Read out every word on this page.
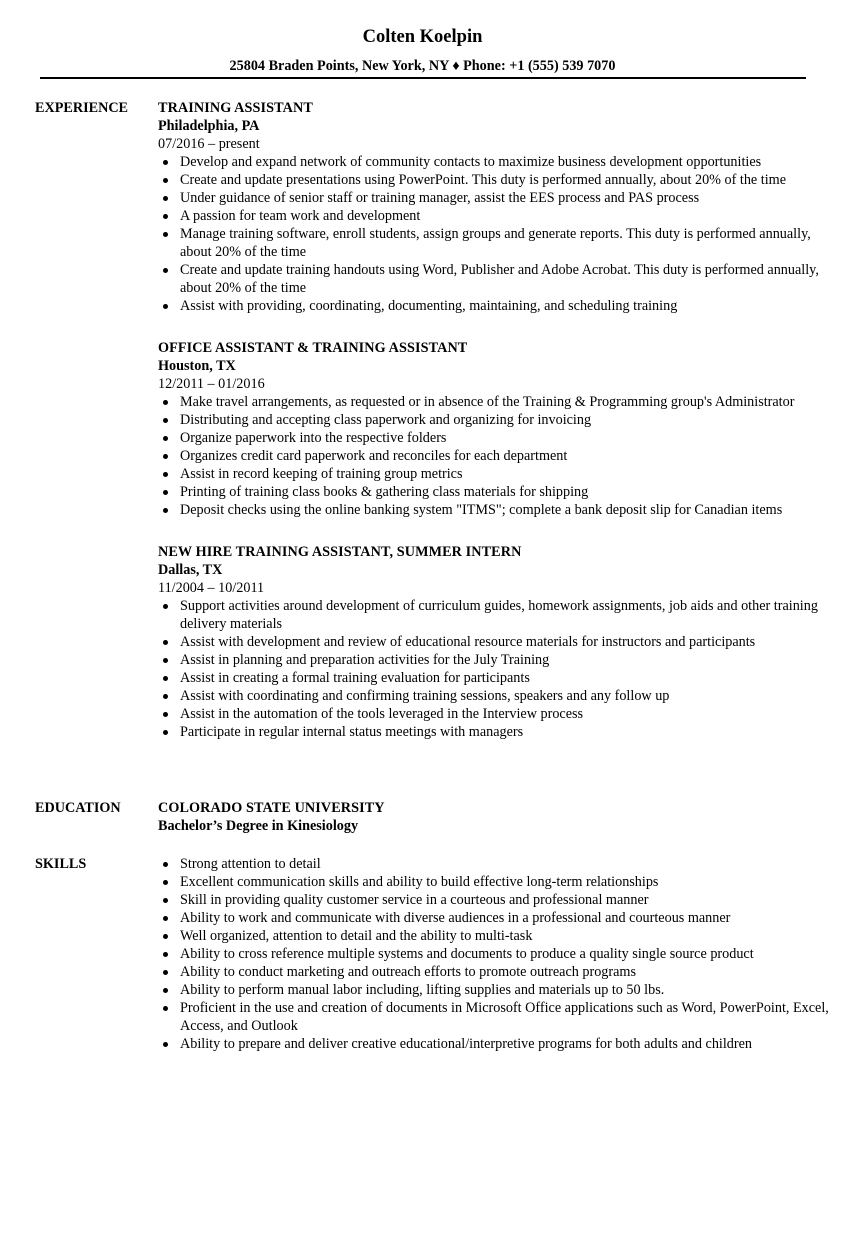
Colten Koelpin
25804 Braden Points, New York, NY ♦ Phone: +1 (555) 539 7070
EXPERIENCE TRAINING ASSISTANT
Philadelphia, PA
07/2016 – present
Develop and expand network of community contacts to maximize business development opportunities
Create and update presentations using PowerPoint. This duty is performed annually, about 20% of the time
Under guidance of senior staff or training manager, assist the EES process and PAS process
A passion for team work and development
Manage training software, enroll students, assign groups and generate reports. This duty is performed annually, about 20% of the time
Create and update training handouts using Word, Publisher and Adobe Acrobat. This duty is performed annually, about 20% of the time
Assist with providing, coordinating, documenting, maintaining, and scheduling training
OFFICE ASSISTANT & TRAINING ASSISTANT
Houston, TX
12/2011 – 01/2016
Make travel arrangements, as requested or in absence of the Training & Programming group's Administrator
Distributing and accepting class paperwork and organizing for invoicing
Organize paperwork into the respective folders
Organizes credit card paperwork and reconciles for each department
Assist in record keeping of training group metrics
Printing of training class books & gathering class materials for shipping
Deposit checks using the online banking system "ITMS"; complete a bank deposit slip for Canadian items
NEW HIRE TRAINING ASSISTANT, SUMMER INTERN
Dallas, TX
11/2004 – 10/2011
Support activities around development of curriculum guides, homework assignments, job aids and other training delivery materials
Assist with development and review of educational resource materials for instructors and participants
Assist in planning and preparation activities for the July Training
Assist in creating a formal training evaluation for participants
Assist with coordinating and confirming training sessions, speakers and any follow up
Assist in the automation of the tools leveraged in the Interview process
Participate in regular internal status meetings with managers
EDUCATION	COLORADO STATE UNIVERSITY
Bachelor’s Degree in Kinesiology
SKILLS	Strong attention to detail
Excellent communication skills and ability to build effective long-term relationships
Skill in providing quality customer service in a courteous and professional manner
Ability to work and communicate with diverse audiences in a professional and courteous manner
Well organized, attention to detail and the ability to multi-task
Ability to cross reference multiple systems and documents to produce a quality single source product
Ability to conduct marketing and outreach efforts to promote outreach programs
Ability to perform manual labor including, lifting supplies and materials up to 50 lbs.
Proficient in the use and creation of documents in Microsoft Office applications such as Word, PowerPoint, Excel, Access, and Outlook
Ability to prepare and deliver creative educational/interpretive programs for both adults and children
